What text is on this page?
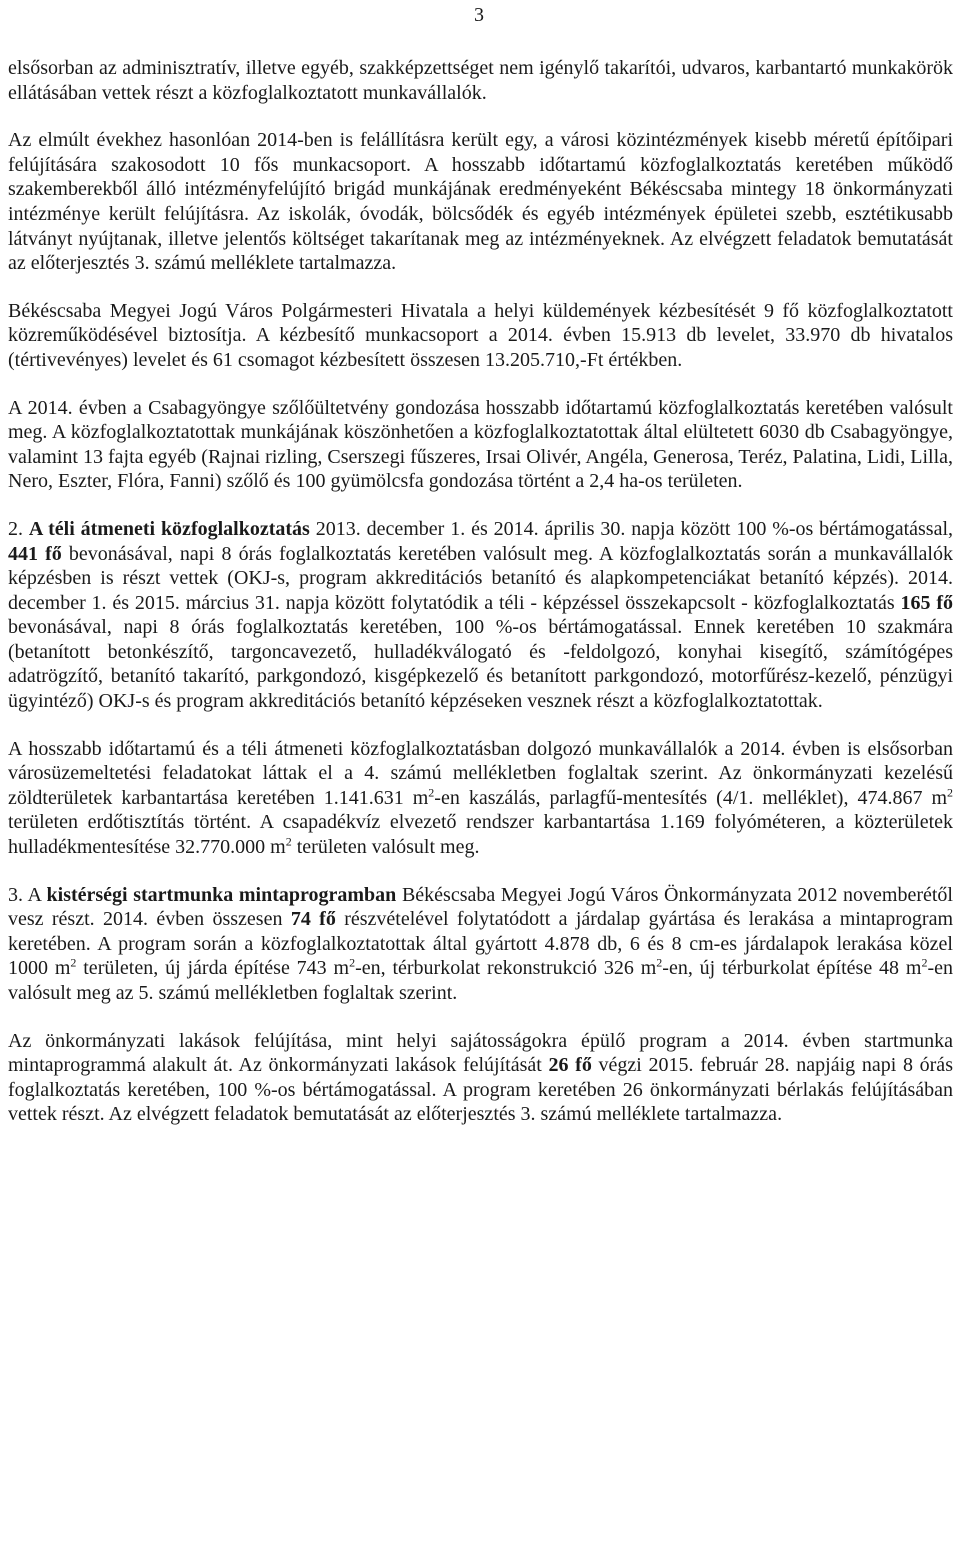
3

elsősorban az adminisztratív, illetve egyéb, szakképzettséget nem igénylő takarítói, udvaros, karbantartó munkakörök ellátásában vettek részt a közfoglalkoztatott munkavállalók.

Az elmúlt évekhez hasonlóan 2014-ben is felállításra került egy, a városi közintézmények kisebb méretű építőipari felújítására szakosodott 10 fős munkacsoport. A hosszabb időtartamú közfoglalkoztatás keretében működő szakemberekből álló intézményfelújító brigád munkájának eredményeként Békéscsaba mintegy 18 önkormányzati intézménye került felújításra. Az iskolák, óvodák, bölcsődék és egyéb intézmények épületei szebb, esztétikusabb látványt nyújtanak, illetve jelentős költséget takarítanak meg az intézményeknek. Az elvégzett feladatok bemutatását az előterjesztés 3. számú melléklete tartalmazza.

Békéscsaba Megyei Jogú Város Polgármesteri Hivatala a helyi küldemények kézbesítését 9 fő közfoglalkoztatott közreműködésével biztosítja. A kézbesítő munkacsoport a 2014. évben 15.913 db levelet, 33.970 db hivatalos (tértivevényes) levelet és 61 csomagot kézbesített összesen 13.205.710,-Ft értékben.

A 2014. évben a Csabagyöngye szőlőültetvény gondozása hosszabb időtartamú közfoglalkoztatás keretében valósult meg. A közfoglalkoztatottak munkájának köszönhetően a közfoglalkoztatottak által elültetett 6030 db Csabagyöngye, valamint 13 fajta egyéb (Rajnai rizling, Cserszegi fűszeres, Irsai Olivér, Angéla, Generosa, Teréz, Palatina, Lidi, Lilla, Nero, Eszter, Flóra, Fanni) szőlő és 100 gyümölcsfa gondozása történt a 2,4 ha-os területen.

2. A téli átmeneti közfoglalkoztatás 2013. december 1. és 2014. április 30. napja között 100 %-os bértámogatással, 441 fő bevonásával, napi 8 órás foglalkoztatás keretében valósult meg. A közfoglalkoztatás során a munkavállalók képzésben is részt vettek (OKJ-s, program akkreditációs betanító és alapkompetenciákat betanító képzés). 2014. december 1. és 2015. március 31. napja között folytatódik a téli - képzéssel összekapcsolt - közfoglalkoztatás 165 fő bevonásával, napi 8 órás foglalkoztatás keretében, 100 %-os bértámogatással. Ennek keretében 10 szakmára (betanított betonkészítő, targoncavezető, hulladékválogató és -feldolgozó, konyhai kisegítő, számítógépes adatrögzítő, betanító takarító, parkgondozó, kisgépkezelő és betanított parkgondozó, motorfűrész-kezelő, pénzügyi ügyintéző) OKJ-s és program akkreditációs betanító képzéseken vesznek részt a közfoglalkoztatottak.

A hosszabb időtartamú és a téli átmeneti közfoglalkoztatásban dolgozó munkavállalók a 2014. évben is elsősorban városüzemeltetési feladatokat láttak el a 4. számú mellékletben foglaltak szerint. Az önkormányzati kezelésű zöldterületek karbantartása keretében 1.141.631 $m^2-en$ kaszálás, parlagfű-mentesítés (4/1. melléklet), 474.867 $m^2$ területen erdőtisztítás történt. A csapadékvíz elvezető rendszer karbantartása 1.169 folyóméteren, a közterületek hulladékmentesítése 32.770.000 $m^2$ területen valósult meg.

3. A kistérségi startmunka mintaprogramban Békéscsaba Megyei Jogú Város Önkormányzata 2012 novemberétől vesz részt. 2014. évben összesen 74 fő részvételével folytatódott a járdalap gyártása és lerakása a mintaprogram keretében. A program során a közfoglalkoztatottak által gyártott 4.878 db, 6 és 8 cm-es járdalapok lerakása közel 1000 $m^2$ területen, új járda építése 743 $m^2-en$, térburkolat rekonstrukció 326 $m^2-en$, új térburkolat építése 48 $m^2-en$ valósult meg az 5. számú mellékletben foglaltak szerint.

Az önkormányzati lakások felújítása, mint helyi sajátosságokra épülő program a 2014. évben startmunka mintaprogrammá alakult át. Az önkormányzati lakások felújítását 26 fő végzi 2015. február 28. napjáig napi 8 órás foglalkoztatás keretében, 100 %-os bértámogatással. A program keretében 26 önkormányzati bérlakás felújításában vettek részt. Az elvégzett feladatok bemutatását az előterjesztés 3. számú melléklete tartalmazza.
